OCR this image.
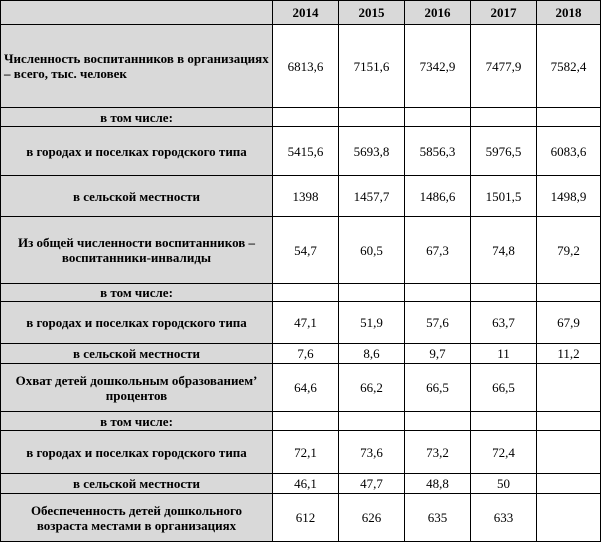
	2014	2015	2016	2017	2018
Численность воспитанников в организациях – всего, тыс. человек	6813,6	7151,6	7342,9	7477,9	7582,4
в том числе:					
в городах и поселках городского типа	5415,6	5693,8	5856,3	5976,5	6083,6
в сельской местности	1398	1457,7	1486,6	1501,5	1498,9
Из общей численности воспитанников – воспитанники-инвалиды	54,7	60,5	67,3	74,8	79,2
в том числе:					
в городах и поселках городского типа	47,1	51,9	57,6	63,7	67,9
в сельской местности	7,6	8,6	9,7	11	11,2
Охват детей дошкольным образованием’ процентов	64,6	66,2	66,5	66,5	
в том числе:					
в городах и поселках городского типа	72,1	73,6	73,2	72,4	
в сельской местности	46,1	47,7	48,8	50	
Обеспеченность детей дошкольного возраста местами в организациях	612	626	635	633	
